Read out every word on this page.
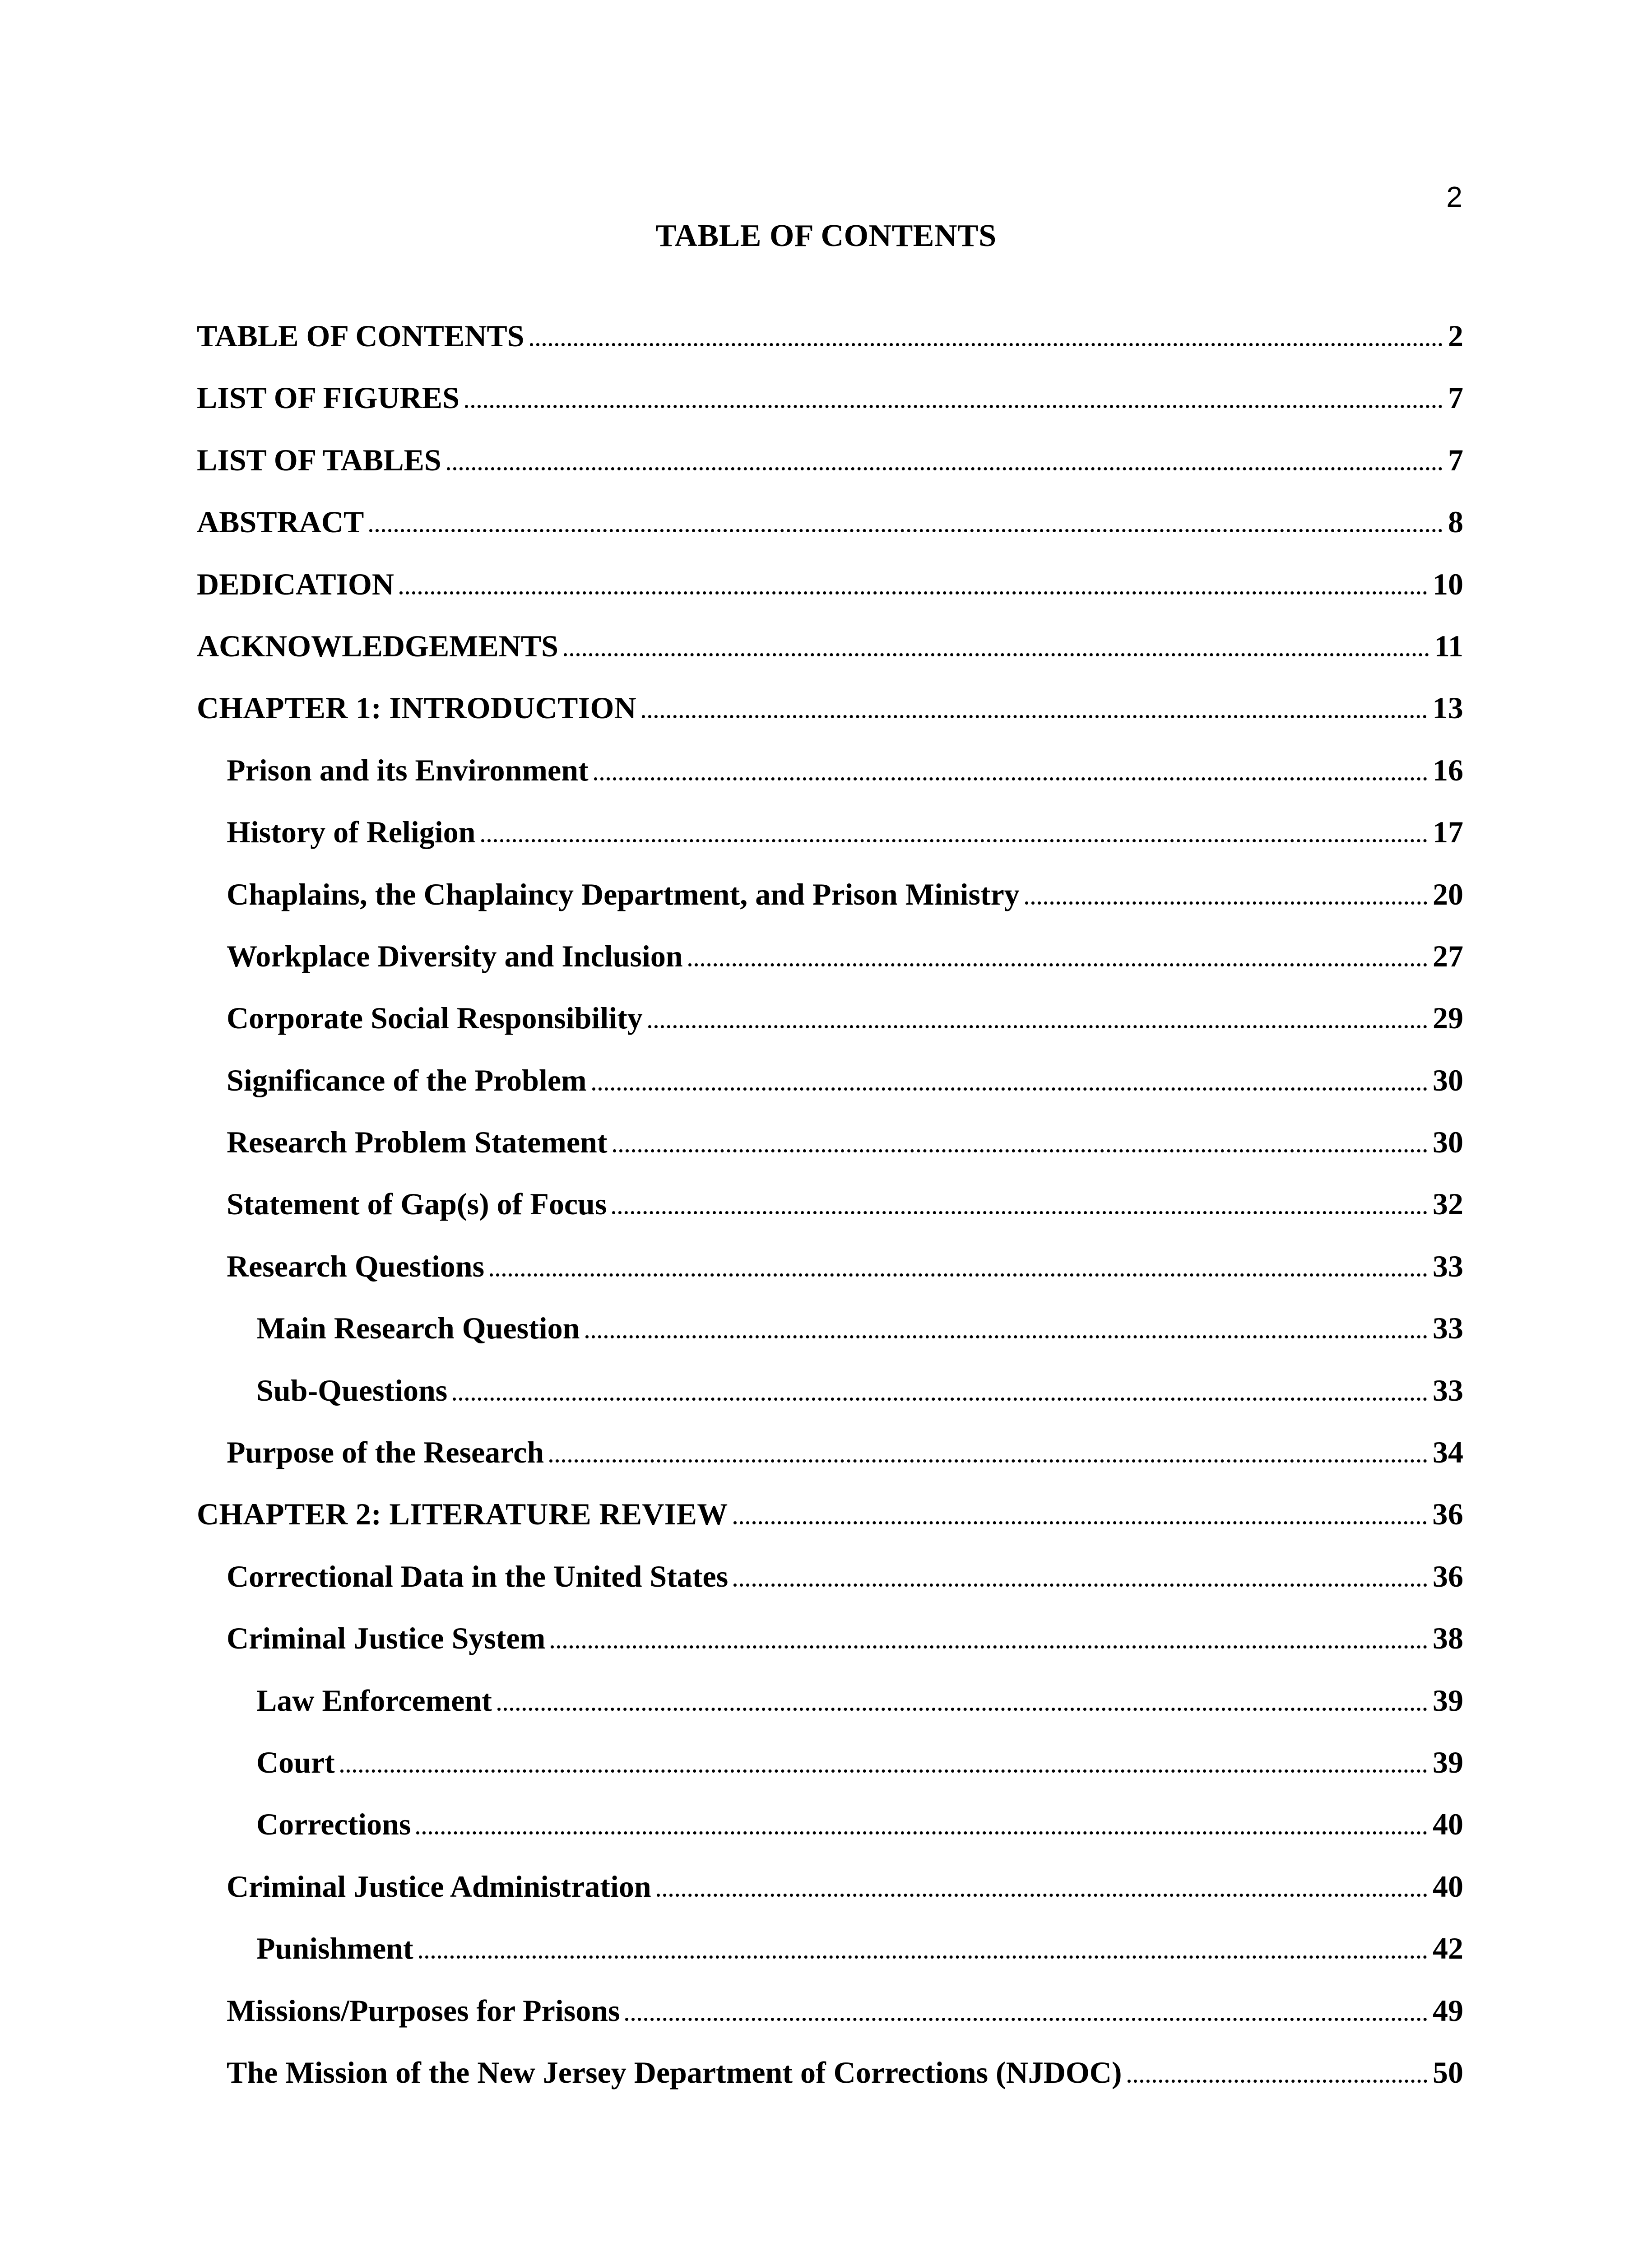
2
TABLE OF CONTENTS
TABLE OF CONTENTS	2
LIST OF FIGURES	7
LIST OF TABLES	7
ABSTRACT	8
DEDICATION	10
ACKNOWLEDGEMENTS	11
CHAPTER 1: INTRODUCTION	13
Prison and its Environment	16
History of Religion	17
Chaplains, the Chaplaincy Department, and Prison Ministry	20
Workplace Diversity and Inclusion	27
Corporate Social Responsibility	29
Significance of the Problem	30
Research Problem Statement	30
Statement of Gap(s) of Focus	32
Research Questions	33
Main Research Question	33
Sub-Questions	33
Purpose of the Research	34
CHAPTER 2: LITERATURE REVIEW	36
Correctional Data in the United States	36
Criminal Justice System	38
Law Enforcement	39
Court	39
Corrections	40
Criminal Justice Administration	40
Punishment	42
Missions/Purposes for Prisons	49
The Mission of the New Jersey Department of Corrections (NJDOC)	50
